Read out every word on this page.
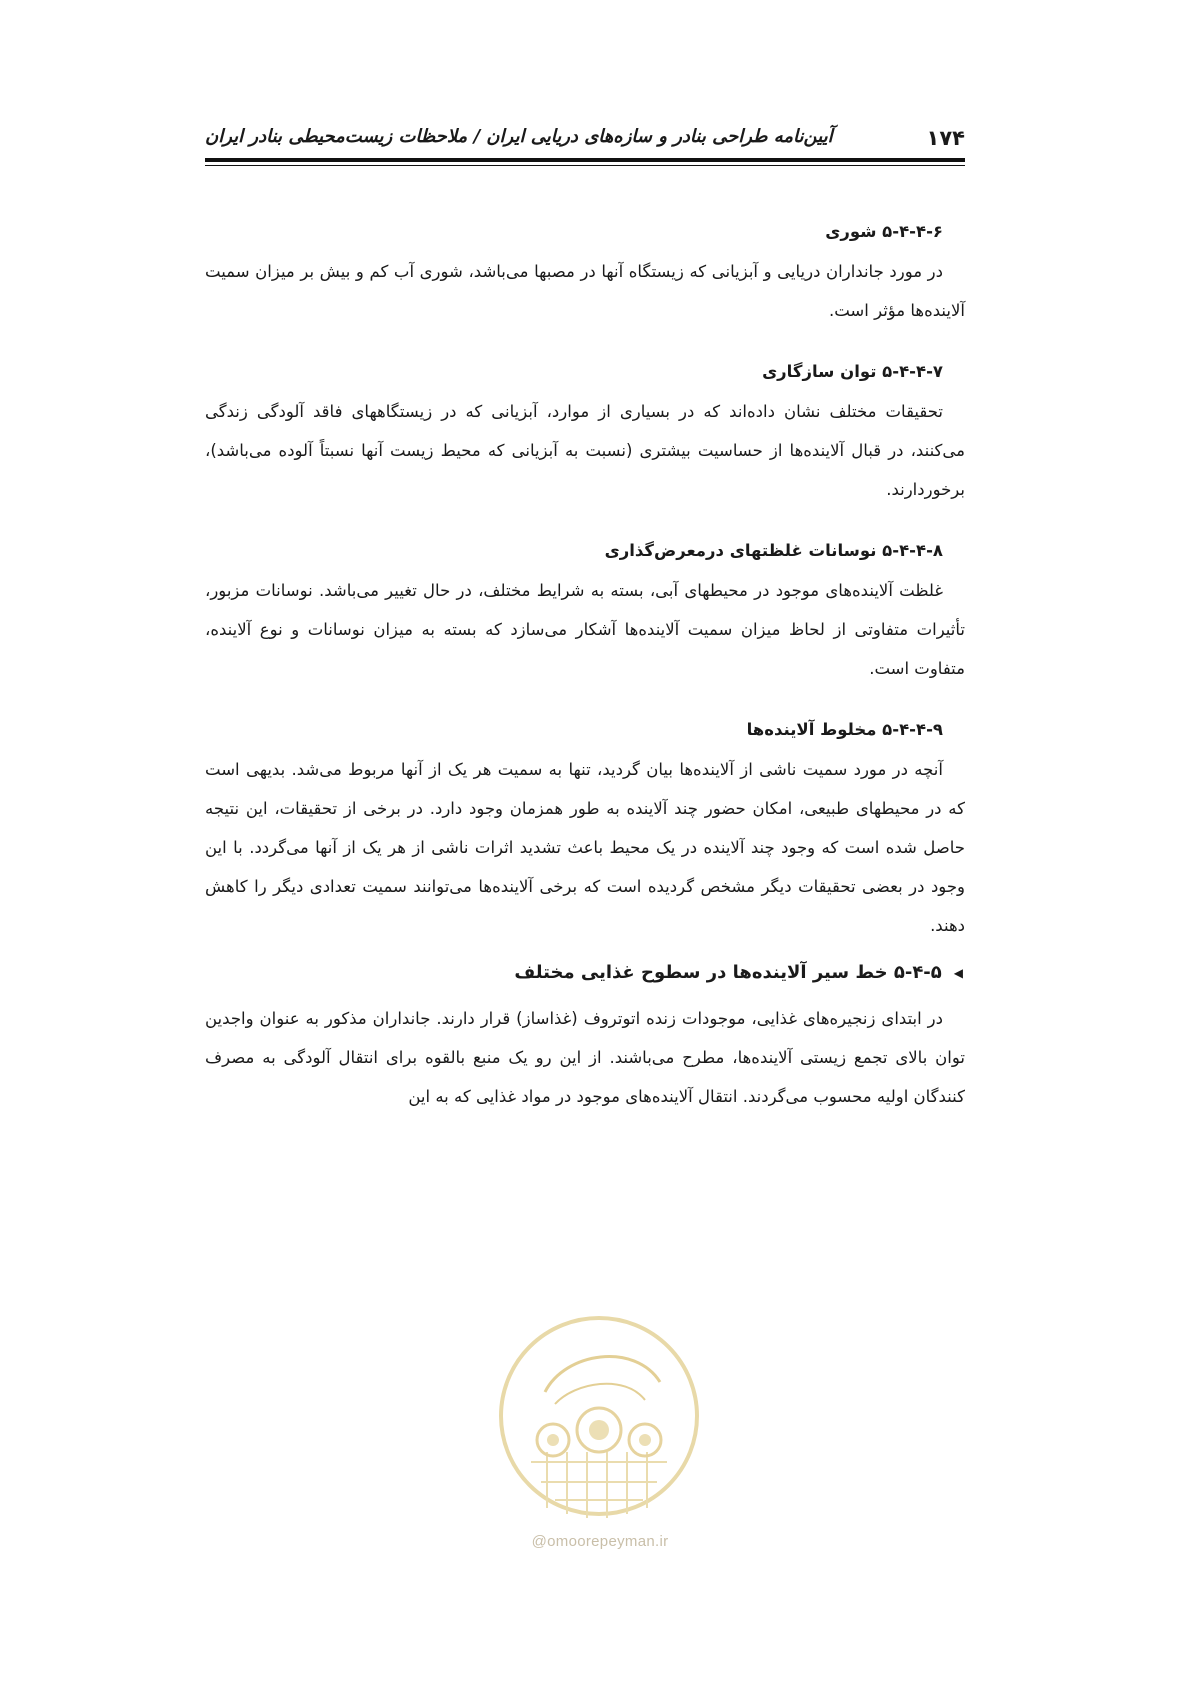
۱۷۴
آیین‌نامه طراحی بنادر و سازه‌های دریایی ایران / ملاحظات زیست‌محیطی بنادر ایران
۵-۴-۴-۶ شوری

در مورد جانداران دریایی و آبزیانی که زیستگاه آنها در مصبها می‌باشد، شوری آب کم و بیش بر میزان سمیت آلاینده‌ها مؤثر است.

۵-۴-۴-۷ توان سازگاری

تحقیقات مختلف نشان داده‌اند که در بسیاری از موارد، آبزیانی که در زیستگاههای فاقد آلودگی زندگی می‌کنند، در قبال آلاینده‌ها از حساسیت بیشتری (نسبت به آبزیانی که محیط زیست آنها نسبتاً آلوده می‌باشد)، برخوردارند.

۵-۴-۴-۸ نوسانات غلظتهای درمعرض‌گذاری

غلظت آلاینده‌های موجود در محیطهای آبی، بسته به شرایط مختلف، در حال تغییر می‌باشد. نوسانات مزبور، تأثیرات متفاوتی از لحاظ میزان سمیت آلاینده‌ها آشکار می‌سازد که بسته به میزان نوسانات و نوع آلاینده، متفاوت است.

۵-۴-۴-۹ مخلوط آلاینده‌ها

آنچه در مورد سمیت ناشی از آلاینده‌ها بیان گردید، تنها به سمیت هر یک از آنها مربوط می‌شد. بدیهی است که در محیطهای طبیعی، امکان حضور چند آلاینده به طور همزمان وجود دارد. در برخی از تحقیقات، این نتیجه حاصل شده است که وجود چند آلاینده در یک محیط باعث تشدید اثرات ناشی از هر یک از آنها می‌گردد. با این وجود در بعضی تحقیقات دیگر مشخص گردیده است که برخی آلاینده‌ها می‌توانند سمیت تعدادی دیگر را کاهش دهند.

◀
۵-۴-۵ خط سیر آلاینده‌ها در سطوح غذایی مختلف

در ابتدای زنجیره‌های غذایی، موجودات زنده اتوتروف (غذاساز) قرار دارند. جانداران مذکور به عنوان واجدین توان بالای تجمع زیستی آلاینده‌ها، مطرح می‌باشند. از این رو یک منبع بالقوه برای انتقال آلودگی به مصرف کنندگان اولیه محسوب می‌گردند. انتقال آلاینده‌های موجود در مواد غذایی که به این

@omoorepeyman.ir
